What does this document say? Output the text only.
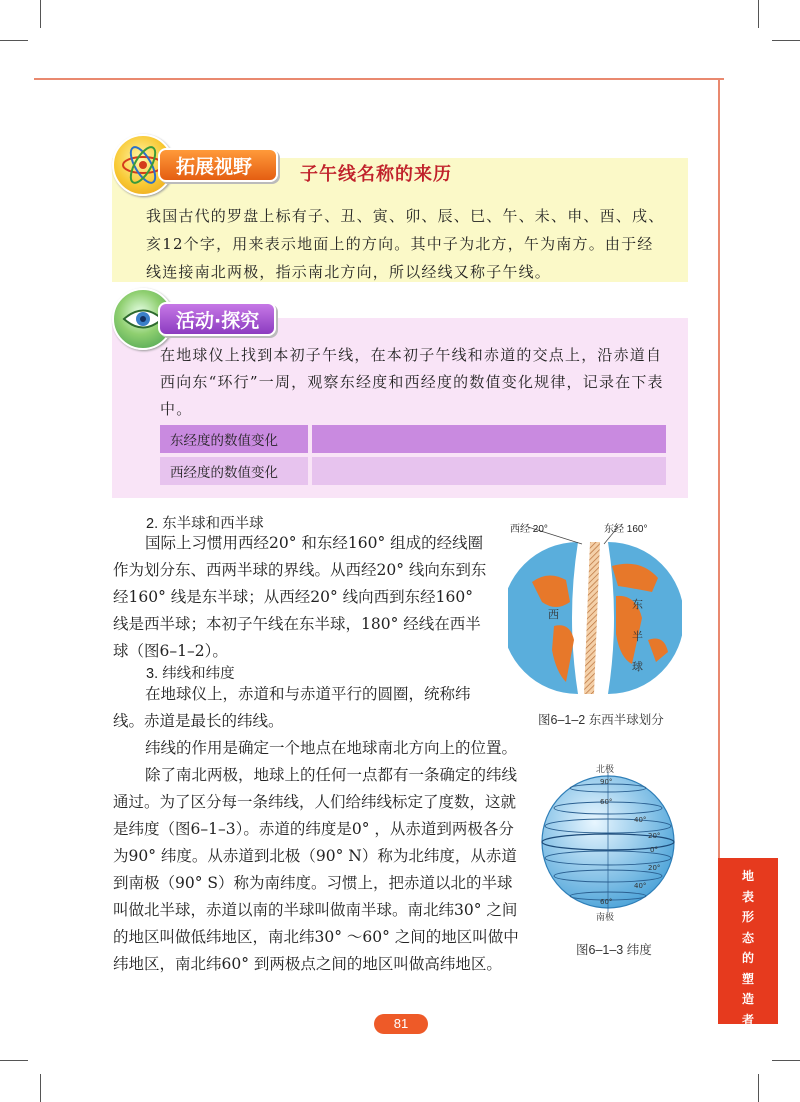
拓展视野	子午线名称的来历
我国古代的罗盘上标有子、丑、寅、卯、辰、巳、午、未、申、酉、戌、亥12个字，用来表示地面上的方向。其中子为北方，午为南方。由于经线连接南北两极，指示南北方向，所以经线又称子午线。
活动·探究
在地球仪上找到本初子午线，在本初子午线和赤道的交点上，沿赤道自西向东“环行”一周，观察东经度和西经度的数值变化规律，记录在下表中。
东经度的数值变化	
西经度的数值变化	
2. 东半球和西半球
国际上习惯用西经20° 和东经160° 组成的经线圈作为划分东、西两半球的界线。从西经20° 线向东到东经160° 线是东半球；从西经20° 线向西到东经160° 线是西半球；本初子午线在东半球，180° 经线在西半球（图6–1–2）。
西经 20°	东经 160°
西
东
半
球
图6–1–2 东西半球划分
3. 纬线和纬度
在地球仪上，赤道和与赤道平行的圆圈，统称纬线。赤道是最长的纬线。
纬线的作用是确定一个地点在地球南北方向上的位置。
除了南北两极，地球上的任何一点都有一条确定的纬线通过。为了区分每一条纬线，人们给纬线标定了度数，这就是纬度（图6–1–3）。赤道的纬度是0° ，从赤道到两极各分为90° 纬度。从赤道到北极（90° N）称为北纬度，从赤道到南极（90° S）称为南纬度。习惯上，把赤道以北的半球叫做北半球，赤道以南的半球叫做南半球。南北纬30° 之间的地区叫做低纬地区，南北纬30° ～60° 之间的地区叫做中纬地区，南北纬60° 到两极点之间的地区叫做高纬地区。
北极
南极
90°
60°
40°
20°
0°
20°
40°
60°
图6–1–3 纬度
地
表
形
态
的
塑
造
者
81
